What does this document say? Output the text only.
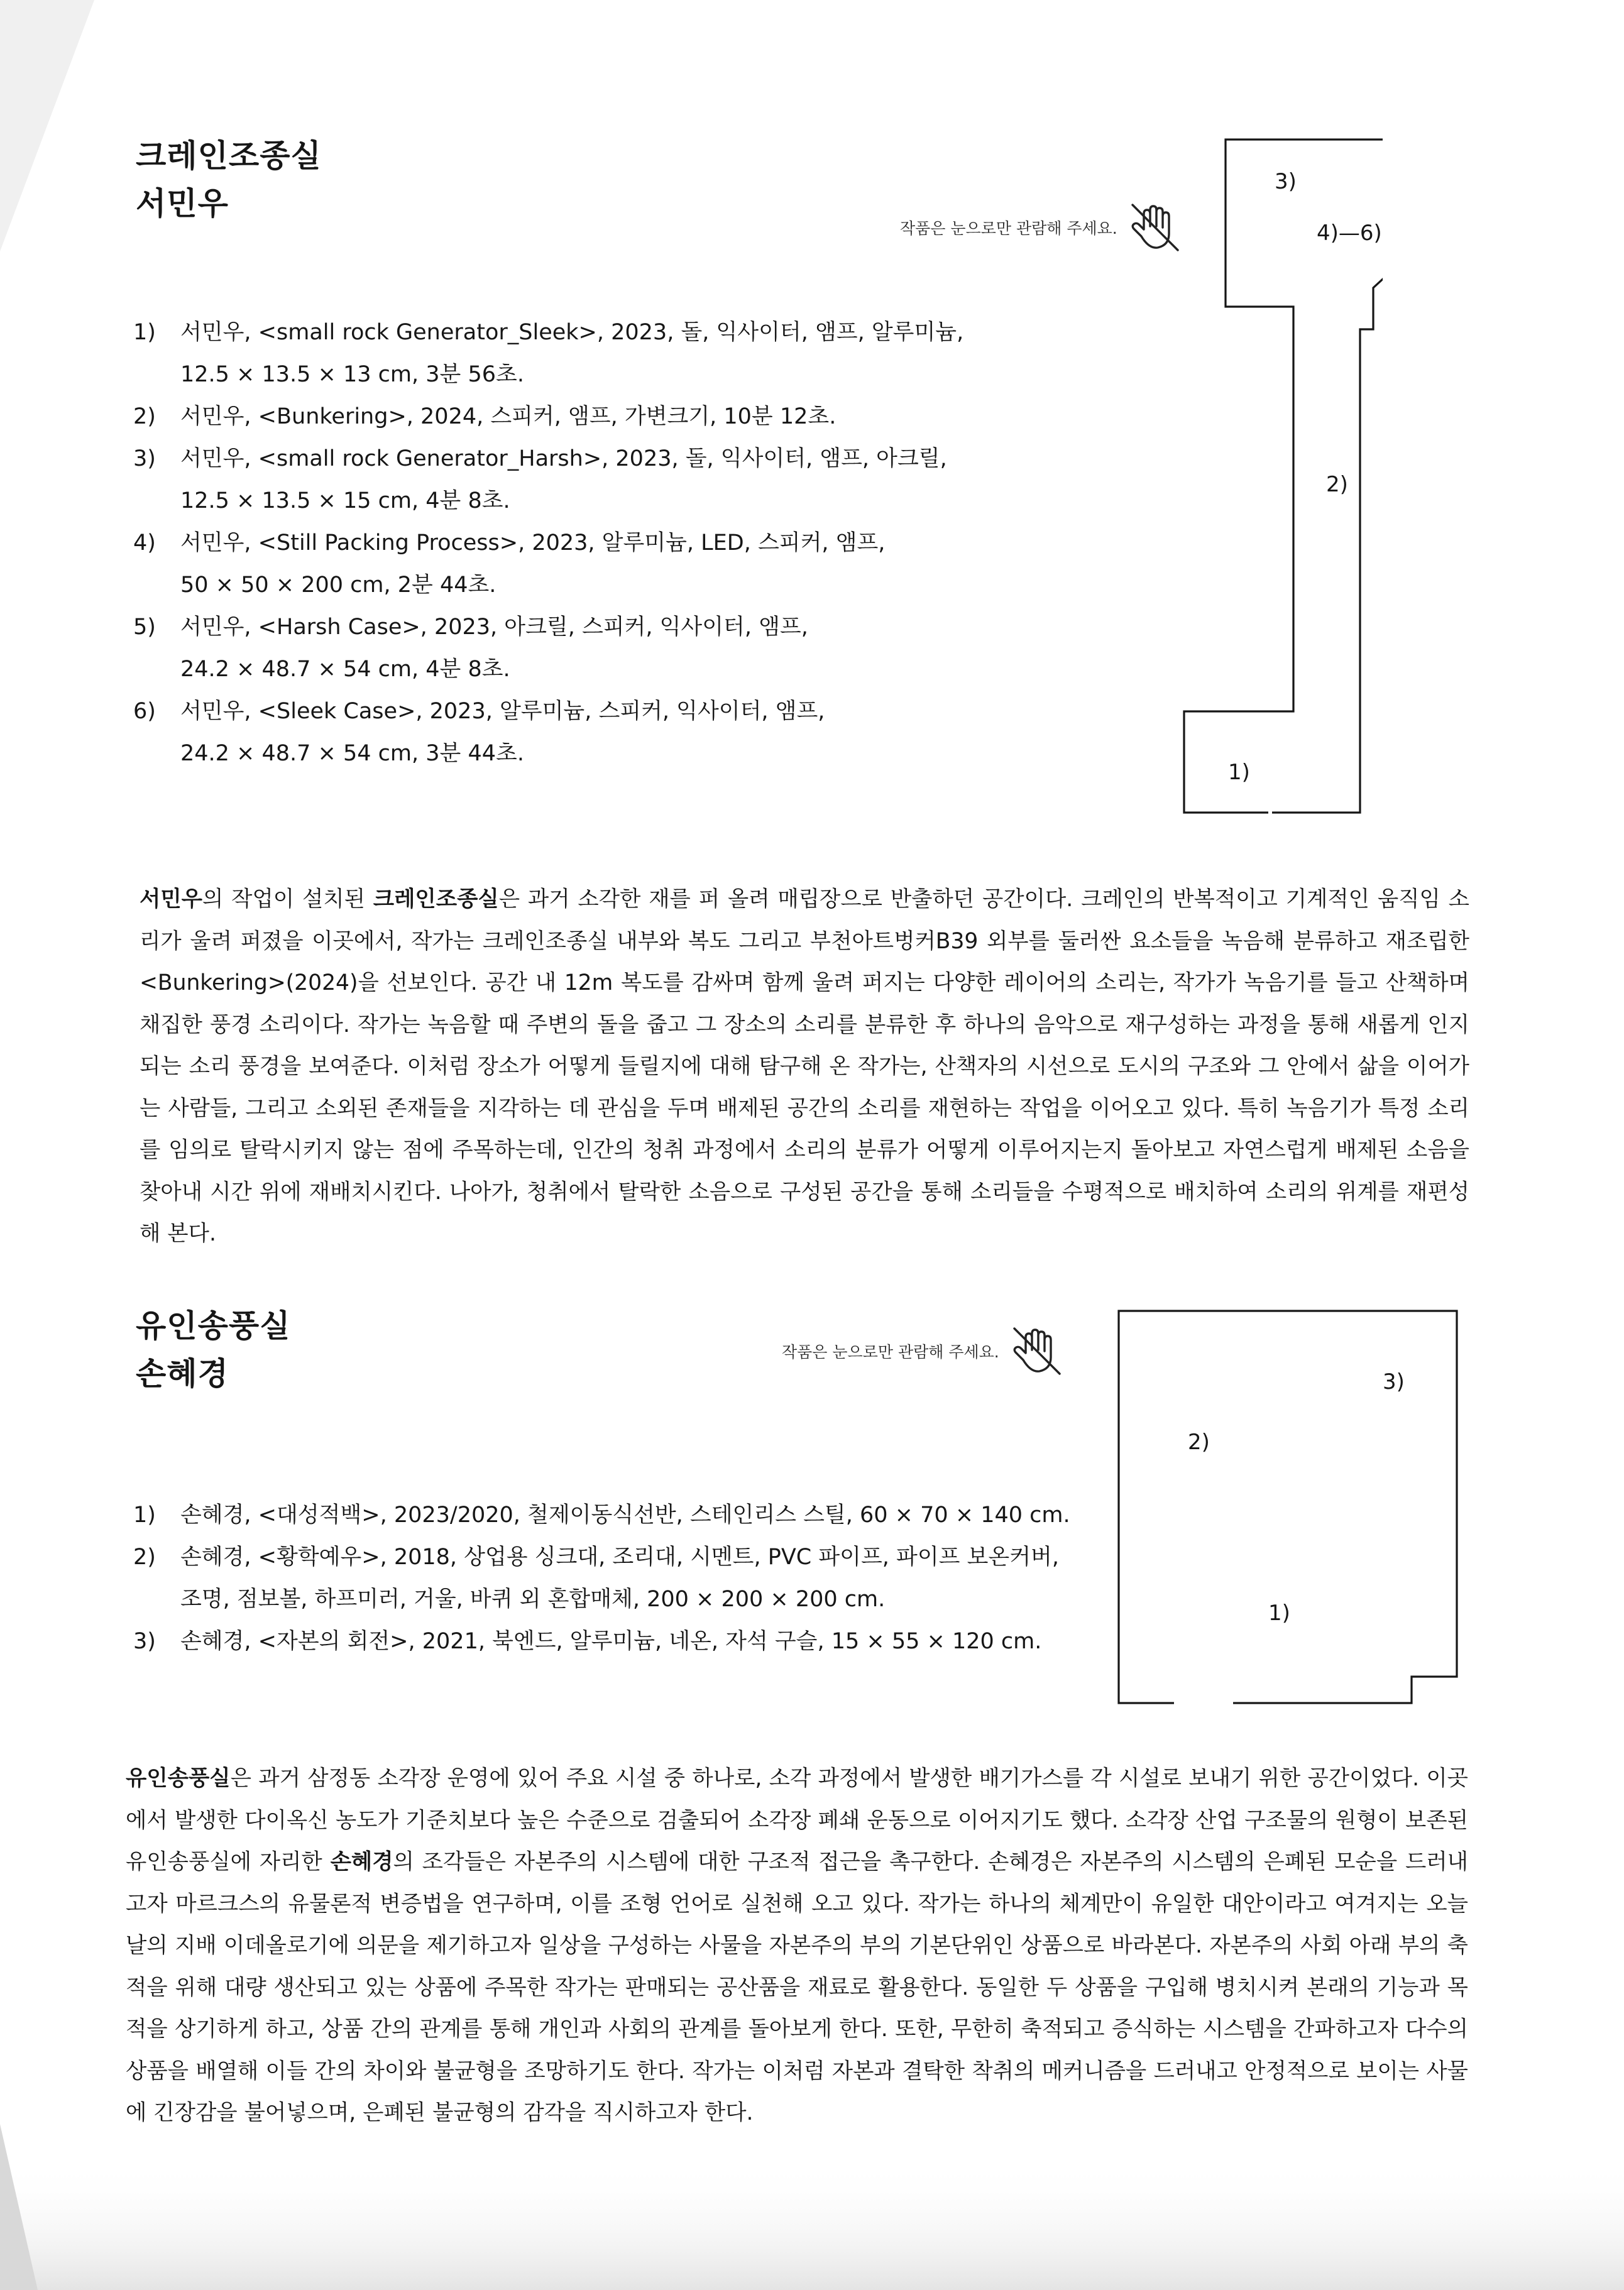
크레인조종실
서민우
작품은 눈으로만 관람해 주세요.
3)
4)—6)
2)
1)
1)	서민우, <small rock Generator_Sleek>, 2023, 돌, 익사이터, 앰프, 알루미늄,
12.5 × 13.5 × 13 cm, 3분 56초.
2)	서민우, <Bunkering>, 2024, 스피커, 앰프, 가변크기, 10분 12초.
3)	서민우, <small rock Generator_Harsh>, 2023, 돌, 익사이터, 앰프, 아크릴,
12.5 × 13.5 × 15 cm, 4분 8초.
4)	서민우, <Still Packing Process>, 2023, 알루미늄, LED, 스피커, 앰프,
50 × 50 × 200 cm, 2분 44초.
5)	서민우, <Harsh Case>, 2023, 아크릴, 스피커, 익사이터, 앰프,
24.2 × 48.7 × 54 cm, 4분 8초.
6)	서민우, <Sleek Case>, 2023, 알루미늄, 스피커, 익사이터, 앰프,
24.2 × 48.7 × 54 cm, 3분 44초.

서민우의 작업이 설치된 크레인조종실은 과거 소각한 재를 퍼 올려 매립장으로 반출하던 공간이다. 크레인의 반복적이고 기계적인 움직임 소리가 울려 퍼졌을 이곳에서, 작가는 크레인조종실 내부와 복도 그리고 부천아트벙커B39 외부를 둘러싼 요소들을 녹음해 분류하고 재조립한 <Bunkering>(2024)을 선보인다. 공간 내 12m 복도를 감싸며 함께 울려 퍼지는 다양한 레이어의 소리는, 작가가 녹음기를 들고 산책하며 채집한 풍경 소리이다. 작가는 녹음할 때 주변의 돌을 줍고 그 장소의 소리를 분류한 후 하나의 음악으로 재구성하는 과정을 통해 새롭게 인지되는 소리 풍경을 보여준다. 이처럼 장소가 어떻게 들릴지에 대해 탐구해 온 작가는, 산책자의 시선으로 도시의 구조와 그 안에서 삶을 이어가는 사람들, 그리고 소외된 존재들을 지각하는 데 관심을 두며 배제된 공간의 소리를 재현하는 작업을 이어오고 있다. 특히 녹음기가 특정 소리를 임의로 탈락시키지 않는 점에 주목하는데, 인간의 청취 과정에서 소리의 분류가 어떻게 이루어지는지 돌아보고 자연스럽게 배제된 소음을 찾아내 시간 위에 재배치시킨다. 나아가, 청취에서 탈락한 소음으로 구성된 공간을 통해 소리들을 수평적으로 배치하여 소리의 위계를 재편성해 본다.

유인송풍실
손혜경
작품은 눈으로만 관람해 주세요.
3)
2)
1)
1)	손혜경, <대성적백>, 2023/2020, 철제이동식선반, 스테인리스 스틸, 60 × 70 × 140 cm.
2)	손혜경, <황학예우>, 2018, 상업용 싱크대, 조리대, 시멘트, PVC 파이프, 파이프 보온커버,
조명, 점보볼, 하프미러, 거울, 바퀴 외 혼합매체, 200 × 200 × 200 cm.
3)	손혜경, <자본의 회전>, 2021, 북엔드, 알루미늄, 네온, 자석 구슬, 15 × 55 × 120 cm.

유인송풍실은 과거 삼정동 소각장 운영에 있어 주요 시설 중 하나로, 소각 과정에서 발생한 배기가스를 각 시설로 보내기 위한 공간이었다. 이곳에서 발생한 다이옥신 농도가 기준치보다 높은 수준으로 검출되어 소각장 폐쇄 운동으로 이어지기도 했다. 소각장 산업 구조물의 원형이 보존된 유인송풍실에 자리한 손혜경의 조각들은 자본주의 시스템에 대한 구조적 접근을 촉구한다. 손혜경은 자본주의 시스템의 은폐된 모순을 드러내고자 마르크스의 유물론적 변증법을 연구하며, 이를 조형 언어로 실천해 오고 있다. 작가는 하나의 체계만이 유일한 대안이라고 여겨지는 오늘날의 지배 이데올로기에 의문을 제기하고자 일상을 구성하는 사물을 자본주의 부의 기본단위인 상품으로 바라본다. 자본주의 사회 아래 부의 축적을 위해 대량 생산되고 있는 상품에 주목한 작가는 판매되는 공산품을 재료로 활용한다. 동일한 두 상품을 구입해 병치시켜 본래의 기능과 목적을 상기하게 하고, 상품 간의 관계를 통해 개인과 사회의 관계를 돌아보게 한다. 또한, 무한히 축적되고 증식하는 시스템을 간파하고자 다수의 상품을 배열해 이들 간의 차이와 불균형을 조망하기도 한다. 작가는 이처럼 자본과 결탁한 착취의 메커니즘을 드러내고 안정적으로 보이는 사물에 긴장감을 불어넣으며, 은폐된 불균형의 감각을 직시하고자 한다.
